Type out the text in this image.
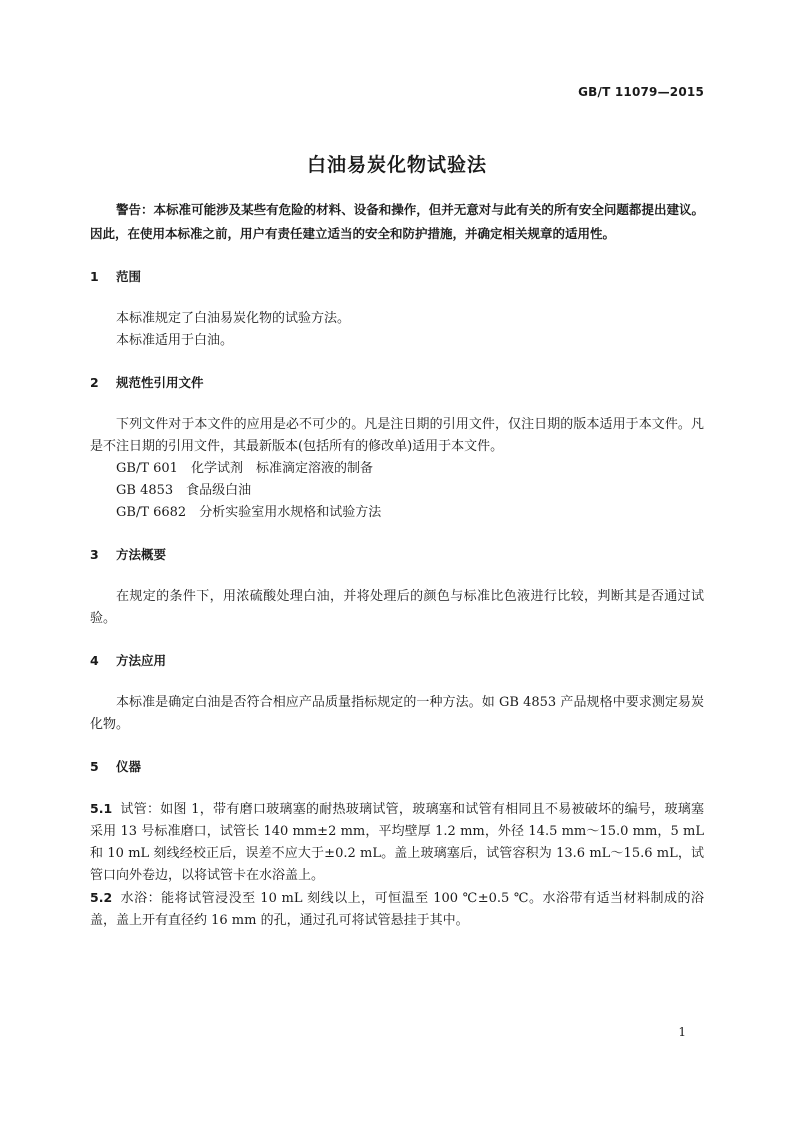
GB/T 11079—2015
白油易炭化物试验法

警告：本标准可能涉及某些有危险的材料、设备和操作，但并无意对与此有关的所有安全问题都提出建议。因此，在使用本标准之前，用户有责任建立适当的安全和防护措施，并确定相关规章的适用性。

1 范围

本标准规定了白油易炭化物的试验方法。

本标准适用于白油。

2 规范性引用文件

下列文件对于本文件的应用是必不可少的。凡是注日期的引用文件，仅注日期的版本适用于本文件。凡是不注日期的引用文件，其最新版本(包括所有的修改单)适用于本文件。

GB/T 601　 化学试剂　标准滴定溶液的制备

GB 4853　 食品级白油

GB/T 6682　 分析实验室用水规格和试验方法

3 方法概要

在规定的条件下，用浓硫酸处理白油，并将处理后的颜色与标准比色液进行比较，判断其是否通过试验。

4 方法应用

本标准是确定白油是否符合相应产品质量指标规定的一种方法。如 GB 4853 产品规格中要求测定易炭化物。

5 仪器

5.1 试管：如图 1，带有磨口玻璃塞的耐热玻璃试管，玻璃塞和试管有相同且不易被破坏的编号，玻璃塞采用 13 号标准磨口，试管长 140 mm±2 mm，平均壁厚 1.2 mm，外径 14.5 mm～15.0 mm，5 mL 和 10 mL 刻线经校正后，误差不应大于±0.2 mL。盖上玻璃塞后，试管容积为 13.6 mL～15.6 mL，试管口向外卷边，以将试管卡在水浴盖上。

5.2 水浴：能将试管浸没至 10 mL 刻线以上，可恒温至 100 ℃±0.5 ℃。水浴带有适当材料制成的浴盖，盖上开有直径约 16 mm 的孔，通过孔可将试管悬挂于其中。

1
